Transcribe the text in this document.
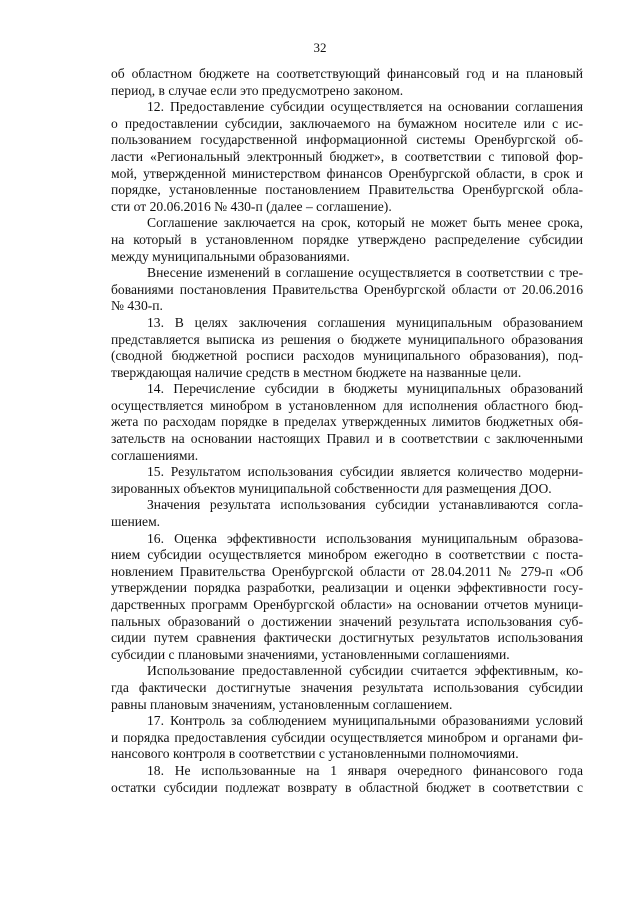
32
об областном бюджете на соответствующий финансовый год и на плановый
период, в случае если это предусмотрено законом.
12. Предоставление субсидии осуществляется на основании соглашения
о предоставлении субсидии, заключаемого на бумажном носителе или с ис-
пользованием государственной информационной системы Оренбургской об-
ласти «Региональный электронный бюджет», в соответствии с типовой фор-
мой, утвержденной министерством финансов Оренбургской области, в срок и
порядке, установленные постановлением Правительства Оренбургской обла-
сти от 20.06.2016 № 430-п (далее – соглашение).
Соглашение заключается на срок, который не может быть менее срока,
на который в установленном порядке утверждено распределение субсидии
между муниципальными образованиями.
Внесение изменений в соглашение осуществляется в соответствии с тре-
бованиями постановления Правительства Оренбургской области от 20.06.2016
№ 430-п.
13. В целях заключения соглашения муниципальным образованием
представляется выписка из решения о бюджете муниципального образования
(сводной бюджетной росписи расходов муниципального образования), под-
тверждающая наличие средств в местном бюджете на названные цели.
14. Перечисление субсидии в бюджеты муниципальных образований
осуществляется минобром в установленном для исполнения областного бюд-
жета по расходам порядке в пределах утвержденных лимитов бюджетных обя-
зательств на основании настоящих Правил и в соответствии с заключенными
соглашениями.
15. Результатом использования субсидии является количество модерни-
зированных объектов муниципальной собственности для размещения ДОО.
Значения результата использования субсидии устанавливаются согла-
шением.
16. Оценка эффективности использования муниципальным образова-
нием субсидии осуществляется минобром ежегодно в соответствии с поста-
новлением Правительства Оренбургской области от 28.04.2011 № 279-п «Об
утверждении порядка разработки, реализации и оценки эффективности госу-
дарственных программ Оренбургской области» на основании отчетов муници-
пальных образований о достижении значений результата использования суб-
сидии путем сравнения фактически достигнутых результатов использования
субсидии с плановыми значениями, установленными соглашениями.
Использование предоставленной субсидии считается эффективным, ко-
гда фактически достигнутые значения результата использования субсидии
равны плановым значениям, установленным соглашением.
17. Контроль за соблюдением муниципальными образованиями условий
и порядка предоставления субсидии осуществляется минобром и органами фи-
нансового контроля в соответствии с установленными полномочиями.
18. Не использованные на 1 января очередного финансового года
остатки субсидии подлежат возврату в областной бюджет в соответствии с
